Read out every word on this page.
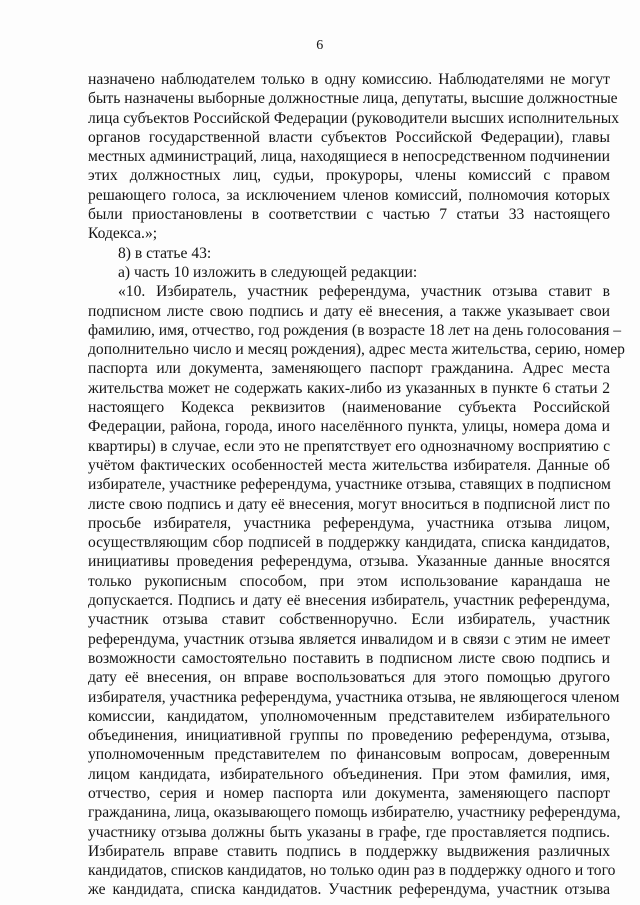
6
назначено наблюдателем только в одну комиссию. Наблюдателями не могут
быть назначены выборные должностные лица, депутаты, высшие должностные
лица субъектов Российской Федерации (руководители высших исполнительных
органов государственной власти субъектов Российской Федерации), главы
местных администраций, лица, находящиеся в непосредственном подчинении
этих должностных лиц, судьи, прокуроры, члены комиссий с правом
решающего голоса, за исключением членов комиссий, полномочия которых
были приостановлены в соответствии с частью 7 статьи 33 настоящего
Кодекса.»;
8) в статье 43:
а) часть 10 изложить в следующей редакции:
«10. Избиратель, участник референдума, участник отзыва ставит в
подписном листе свою подпись и дату её внесения, а также указывает свои
фамилию, имя, отчество, год рождения (в возрасте 18 лет на день голосования –
дополнительно число и месяц рождения), адрес места жительства, серию, номер
паспорта или документа, заменяющего паспорт гражданина. Адрес места
жительства может не содержать каких-либо из указанных в пункте 6 статьи 2
настоящего Кодекса реквизитов (наименование субъекта Российской
Федерации, района, города, иного населённого пункта, улицы, номера дома и
квартиры) в случае, если это не препятствует его однозначному восприятию с
учётом фактических особенностей места жительства избирателя. Данные об
избирателе, участнике референдума, участнике отзыва, ставящих в подписном
листе свою подпись и дату её внесения, могут вноситься в подписной лист по
просьбе избирателя, участника референдума, участника отзыва лицом,
осуществляющим сбор подписей в поддержку кандидата, списка кандидатов,
инициативы проведения референдума, отзыва. Указанные данные вносятся
только рукописным способом, при этом использование карандаша не
допускается. Подпись и дату её внесения избиратель, участник референдума,
участник отзыва ставит собственноручно. Если избиратель, участник
референдума, участник отзыва является инвалидом и в связи с этим не имеет
возможности самостоятельно поставить в подписном листе свою подпись и
дату её внесения, он вправе воспользоваться для этого помощью другого
избирателя, участника референдума, участника отзыва, не являющегося членом
комиссии, кандидатом, уполномоченным представителем избирательного
объединения, инициативной группы по проведению референдума, отзыва,
уполномоченным представителем по финансовым вопросам, доверенным
лицом кандидата, избирательного объединения. При этом фамилия, имя,
отчество, серия и номер паспорта или документа, заменяющего паспорт
гражданина, лица, оказывающего помощь избирателю, участнику референдума,
участнику отзыва должны быть указаны в графе, где проставляется подпись.
Избиратель вправе ставить подпись в поддержку выдвижения различных
кандидатов, списков кандидатов, но только один раз в поддержку одного и того
же кандидата, списка кандидатов. Участник референдума, участник отзыва
